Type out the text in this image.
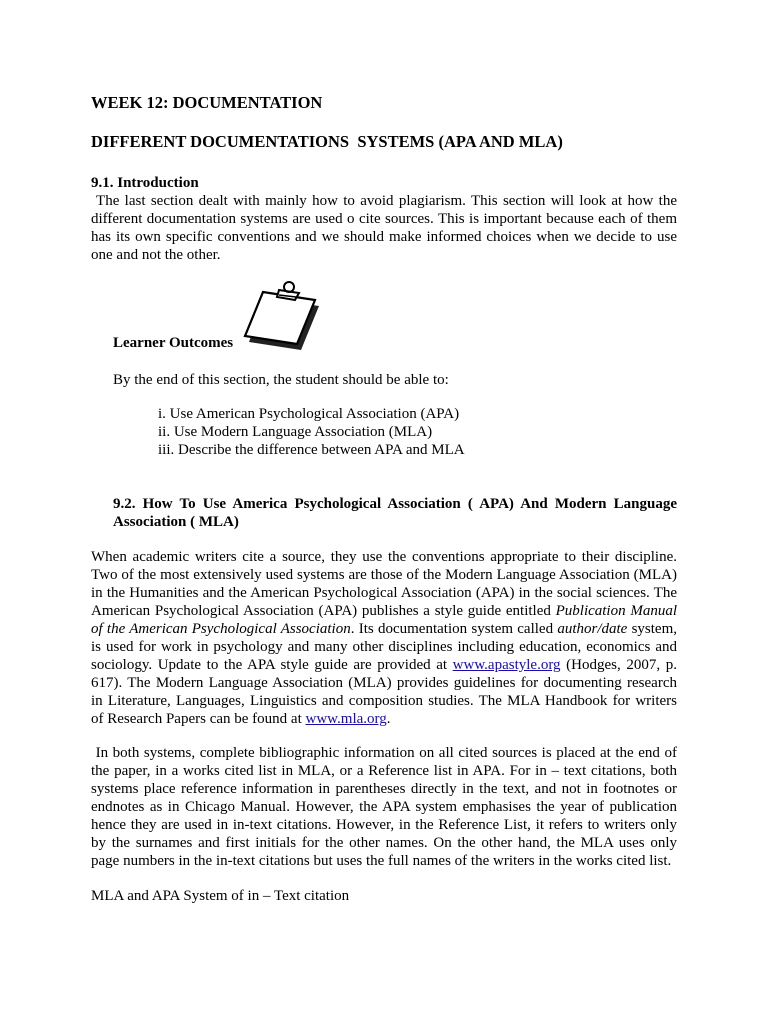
WEEK 12: DOCUMENTATION
DIFFERENT DOCUMENTATIONS  SYSTEMS (APA AND MLA)

9.1. Introduction

The last section dealt with mainly how to avoid plagiarism. This section will look at how the
different documentation systems are used o cite sources. This is important because each of them
has its own specific conventions and we should make informed choices when we decide to use
one and not the other.

Learner Outcomes

By the end of this section, the student should be able to:

i. Use American Psychological Association (APA)
ii. Use Modern Language Association (MLA)
iii. Describe the difference between APA and MLA

9.2. How To Use America Psychological Association ( APA) And Modern Language Association ( MLA)

When academic writers cite a source, they use the conventions appropriate to their discipline.
Two of the most extensively used systems are those of the Modern Language Association (MLA)
in the Humanities and the American Psychological Association (APA) in the social sciences. The
American Psychological Association (APA) publishes a style guide entitled Publication Manual
of the American Psychological Association. Its documentation system called author/date system,
is used for work in psychology and many other disciplines including education, economics and
sociology. Update to the APA style guide are provided at www.apastyle.org (Hodges, 2007, p.
617). The Modern Language Association (MLA) provides guidelines for documenting research
in Literature, Languages, Linguistics and composition studies. The MLA Handbook for writers
of Research Papers can be found at www.mla.org.

In both systems, complete bibliographic information on all cited sources is placed at the end of
the paper, in a works cited list in MLA, or a Reference list in APA. For in – text citations, both
systems place reference information in parentheses directly in the text, and not in footnotes or
endnotes as in Chicago Manual. However, the APA system emphasises the year of publication
hence they are used in in-text citations. However, in the Reference List, it refers to writers only
by the surnames and first initials for the other names. On the other hand, the MLA uses only
page numbers in the in-text citations but uses the full names of the writers in the works cited list.

MLA and APA System of in – Text citation
